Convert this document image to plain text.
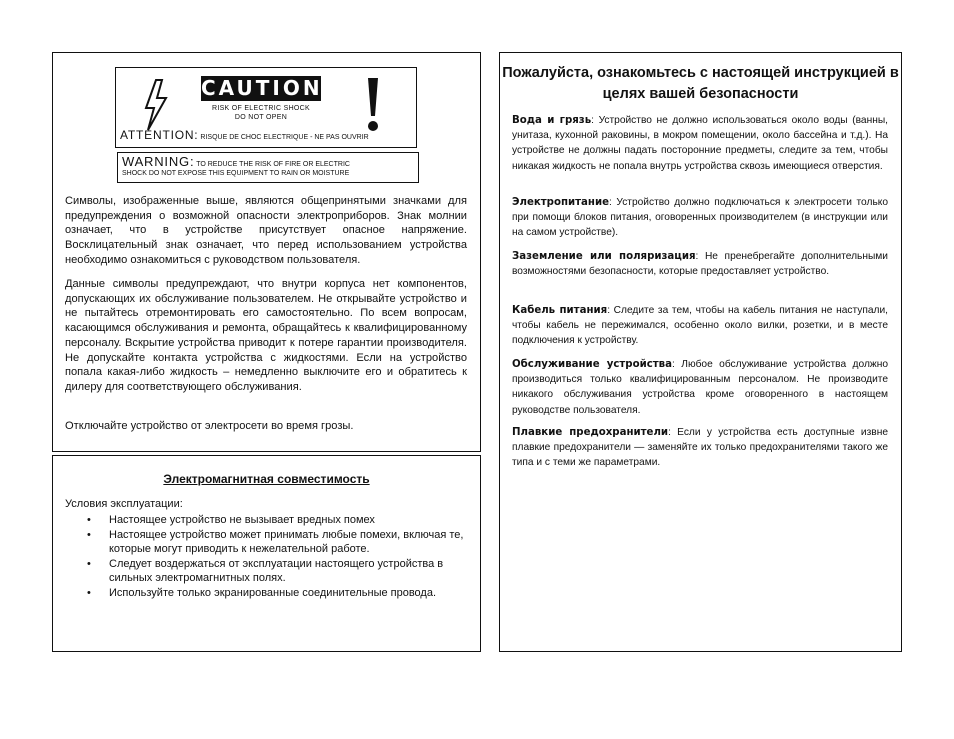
CAUTION
RISK OF ELECTRIC SHOCK
DO NOT OPEN
ATTENTION: RISQUE DE CHOC ELECTRIQUE - NE PAS OUVRIR
WARNING: TO REDUCE THE RISK OF FIRE OR ELECTRIC
SHOCK DO NOT EXPOSE THIS EQUIPMENT TO RAIN OR MOISTURE

Символы, изображенные выше, являются общепринятыми значками для предупреждения о возможной опасности электроприборов. Знак молнии означает, что в устройстве присутствует опасное напряжение. Восклицательный знак означает, что перед использованием устройства необходимо ознакомиться с руководством пользователя.

Данные символы предупреждают, что внутри корпуса нет компонентов, допускающих их обслуживание пользователем. Не открывайте устройство и не пытайтесь отремонтировать его самостоятельно. По всем вопросам, касающимся обслуживания и ремонта, обращайтесь к квалифицированному персоналу. Вскрытие устройства приводит к потере гарантии производителя. Не допускайте контакта устройства с жидкостями. Если на устройство попала какая-либо жидкость – немедленно выключите его и обратитесь к дилеру для соответствующего обслуживания.

Отключайте устройство от электросети во время грозы.

Электромагнитная совместимость
Условия эксплуатации:
• Настоящее устройство не вызывает вредных помех
• Настоящее устройство может принимать любые помехи, включая те, которые могут приводить к нежелательной работе.
• Следует воздержаться от эксплуатации настоящего устройства в сильных электромагнитных полях.
• Используйте только экранированные соединительные провода.
Пожалуйста, ознакомьтесь с настоящей инструкцией в целях вашей безопасности

Вода и грязь: Устройство не должно использоваться около воды (ванны, унитаза, кухонной раковины, в мокром помещении, около бассейна и т.д.). На устройстве не должны падать посторонние предметы, следите за тем, чтобы никакая жидкость не попала внутрь устройства сквозь имеющиеся отверстия.

Электропитание: Устройство должно подключаться к электросети только при помощи блоков питания, оговоренных производителем (в инструкции или на самом устройстве).

Заземление или поляризация: Не пренебрегайте дополнительными возможностями безопасности, которые предоставляет устройство.

Кабель питания: Следите за тем, чтобы на кабель питания не наступали, чтобы кабель не пережимался, особенно около вилки, розетки, и в месте подключения к устройству.

Обслуживание устройства: Любое обслуживание устройства должно производиться только квалифицированным персоналом. Не производите никакого обслуживания устройства кроме оговоренного в настоящем руководстве пользователя.

Плавкие предохранители: Если у устройства есть доступные извне плавкие предохранители — заменяйте их только предохранителями такого же типа и с теми же параметрами.
